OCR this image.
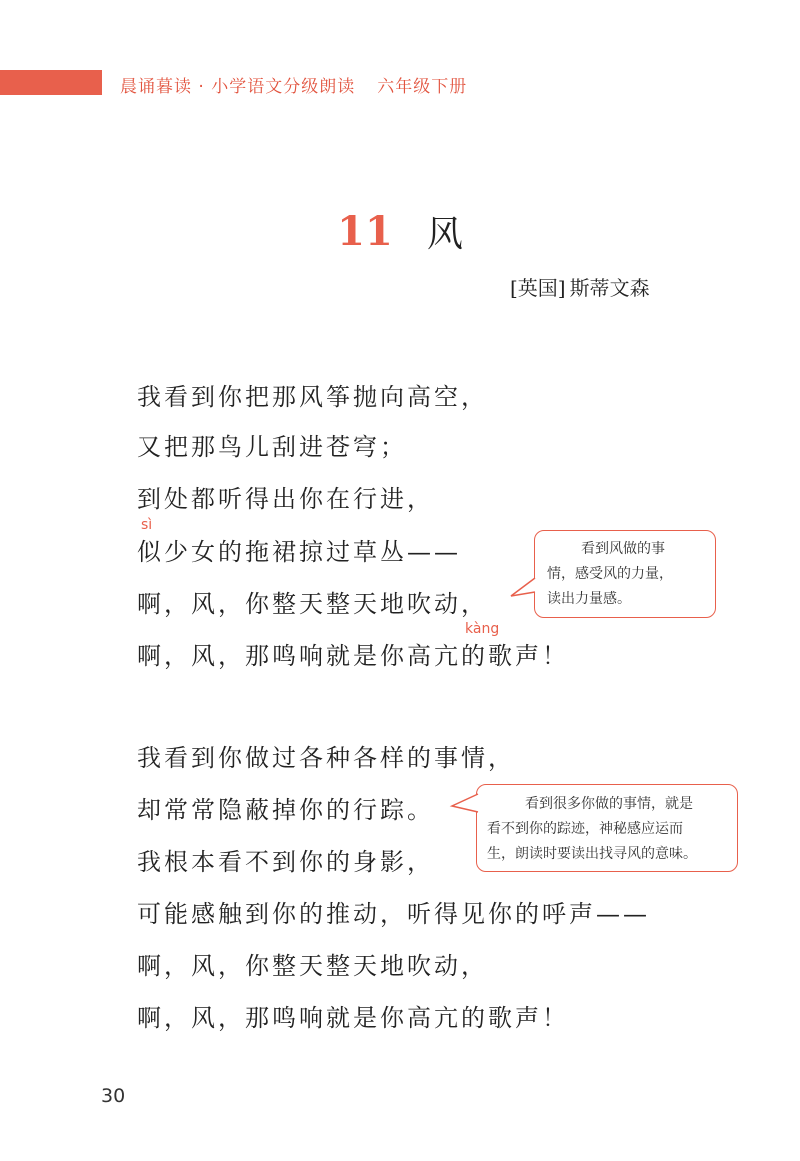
晨诵暮读 · 小学语文分级朗读 六年级下册
11 风
[英国] 斯蒂文森
我看到你把那风筝抛向高空，
又把那鸟儿刮进苍穹；
到处都听得出你在行进，
sì
似少女的拖裙掠过草丛——
啊，风，你整天整天地吹动，
kàng
啊，风，那鸣响就是你高亢的歌声！
我看到你做过各种各样的事情，
却常常隐蔽掉你的行踪。
我根本看不到你的身影，
可能感触到你的推动，听得见你的呼声——
啊，风，你整天整天地吹动，
啊，风，那鸣响就是你高亢的歌声！
看到风做的事
情，感受风的力量，
读出力量感。
看到很多你做的事情，就是
看不到你的踪迹，神秘感应运而
生，朗读时要读出找寻风的意味。
30
